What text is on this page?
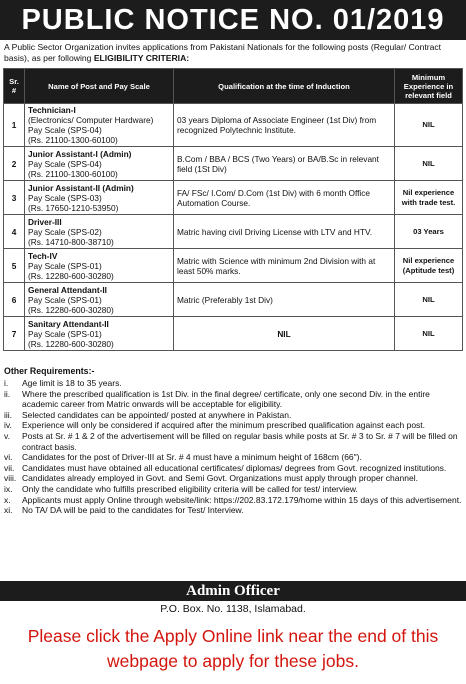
PUBLIC NOTICE NO. 01/2019
A Public Sector Organization invites applications from Pakistani Nationals for the following posts (Regular/ Contract basis), as per following ELIGIBILITY CRITERIA:
Sr. #	Name of Post and Pay Scale	Qualification at the time of Induction	Minimum Experience in relevant field
1	Technician-I
(Electronics/ Computer Hardware)
Pay Scale (SPS-04)
(Rs. 21100-1300-60100)	03 years Diploma of Associate Engineer (1st Div) from recognized Polytechnic Institute.	NIL
2	Junior Assistant-I (Admin)
Pay Scale (SPS-04)
(Rs. 21100-1300-60100)	B.Com / BBA / BCS (Two Years) or BA/B.Sc in relevant field (1St Div)	NIL
3	Junior Assistant-II (Admin)
Pay Scale (SPS-03)
(Rs. 17650-1210-53950)	FA/ FSc/ I.Com/ D.Com (1st Div) with 6 month Office Automation Course.	Nil experience with trade test.
4	Driver-III
Pay Scale (SPS-02)
(Rs. 14710-800-38710)	Matric having civil Driving License with LTV and HTV.	03 Years
5	Tech-IV
Pay Scale (SPS-01)
(Rs. 12280-600-30280)	Matric with Science with minimum 2nd Division with at least 50% marks.	Nil experience (Aptitude test)
6	General Attendant-II
Pay Scale (SPS-01)
(Rs. 12280-600-30280)	Matric (Preferably 1st Div)	NIL
7	Sanitary Attendant-II
Pay Scale (SPS-01)
(Rs. 12280-600-30280)	NIL	NIL
Other Requirements:-
i.	Age limit is 18 to 35 years.
ii.	Where the prescribed qualification is 1st Div. in the final degree/ certificate, only one second Div. in the entire academic career from Matric onwards will be acceptable for eligibility.
iii.	Selected candidates can be appointed/ posted at anywhere in Pakistan.
iv.	Experience will only be considered if acquired after the minimum prescribed qualification against each post.
v.	Posts at Sr. # 1 & 2 of the advertisement will be filled on regular basis while posts at Sr. # 3 to Sr. # 7 will be filled on contract basis.
vi.	Candidates for the post of Driver-III at Sr. # 4 must have a minimum height of 168cm (66").
vii. Candidates must have obtained all educational certificates/ diplomas/ degrees from Govt. recognized institutions.
viii. Candidates already employed in Govt. and Semi Govt. Organizations must apply through proper channel.
ix.	Only the candidate who fulfills prescribed eligibility criteria will be called for test/ interview.
x.	Applicants must apply Online through website/link: https://202.83.172.179/home within 15 days of this advertisement.
xi.	No TA/ DA will be paid to the candidates for Test/ Interview.
Admin Officer
P.O. Box. No. 1138, Islamabad.
Please click the Apply Online link near the end of this webpage to apply for these jobs.
